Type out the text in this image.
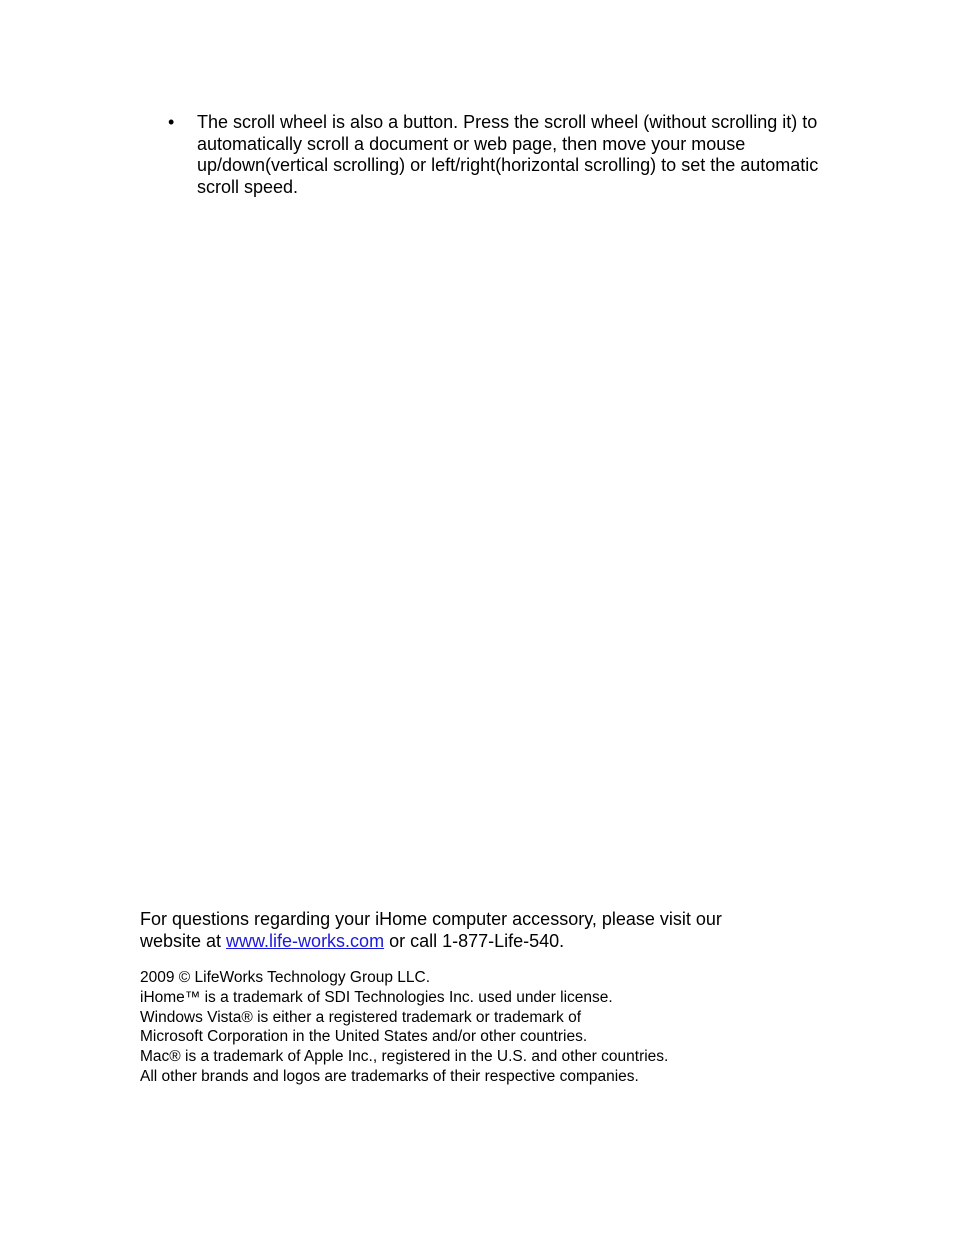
•	The scroll wheel is also a button. Press the scroll wheel (without scrolling it) to automatically scroll a document or web page, then move your mouse up/down(vertical scrolling) or left/right(horizontal scrolling) to set the automatic scroll speed.
For questions regarding your iHome computer accessory, please visit our
website at www.life-works.com or call 1-877-Life-540.
2009 © LifeWorks Technology Group LLC.
iHome™ is a trademark of SDI Technologies Inc. used under license.
Windows Vista® is either a registered trademark or trademark of
Microsoft Corporation in the United States and/or other countries.
Mac® is a trademark of Apple Inc., registered in the U.S. and other countries.
All other brands and logos are trademarks of their respective companies.
